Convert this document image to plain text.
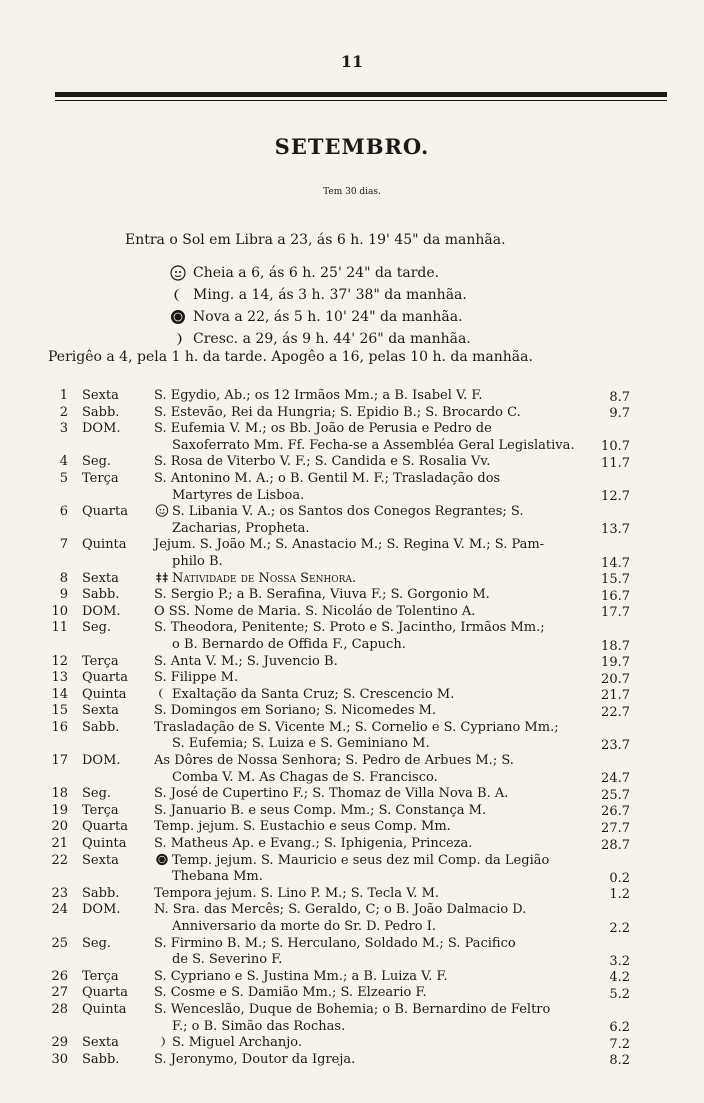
11
SETEMBRO.
Tem 30 dias.
Entra o Sol em Libra a 23, ás 6 h. 19' 45" da manhãa.
Cheia a 6, ás 6 h. 25' 24" da tarde.
Ming. a 14, ás 3 h. 37' 38" da manhãa.
Nova a 22, ás 5 h. 10' 24" da manhãa.
Cresc. a 29, ás 9 h. 44' 26" da manhãa.
Perigêo a 4, pela 1 h. da tarde. Apogêo a 16, pelas 10 h. da manhãa.
1 Sexta	S. Egydio, Ab.; os 12 Irmãos Mm.; a B. Isabel V. F.	8.7
2 Sabb.	S. Estevão, Rei da Hungria; S. Epidio B.; S. Brocardo C.	9.7
3 DOM.	S. Eufemia V. M.; os Bb. João de Perusia e Pedro de
Saxoferrato Mm. Ff. Fecha-se a Assembléa Geral Legislativa.	10.7
4 Seg.	S. Rosa de Viterbo V. F.; S. Candida e S. Rosalia Vv.	11.7
5 Terça	S. Antonino M. A.; o B. Gentil M. F.; Trasladação dos
Martyres de Lisboa.	12.7
6 Quarta	S. Libania V. A.; os Santos dos Conegos Regrantes; S.
Zacharias, Propheta.	13.7
7 Quinta Jejum. S. João M.; S. Anastacio M.; S. Regina V. M.; S. Pam-
philo B.	14.7
8 Sexta	Natividade de Nossa Senhora.	15.7
9 Sabb.	S. Sergio P.; a B. Serafina, Viuva F.; S. Gorgonio M.	16.7
10 DOM.	O SS. Nome de Maria. S. Nicoláo de Tolentino A.	17.7
11 Seg.	S. Theodora, Penitente; S. Proto e S. Jacintho, Irmãos Mm.;
o B. Bernardo de Offida F., Capuch.	18.7
12 Terça	S. Anta V. M.; S. Juvencio B.	19.7
13 Quarta S. Filippe M.	20.7
14 Quinta	Exaltação da Santa Cruz; S. Crescencio M.	21.7
15 Sexta	S. Domingos em Soriano; S. Nicomedes M.	22.7
16 Sabb.	Trasladação de S. Vicente M.; S. Cornelio e S. Cypriano Mm.;
S. Eufemia; S. Luiza e S. Geminiano M.	23.7
17 DOM.	As Dôres de Nossa Senhora; S. Pedro de Arbues M.; S.
Comba V. M. As Chagas de S. Francisco.	24.7
18 Seg.	S. José de Cupertino F.; S. Thomaz de Villa Nova B. A.	25.7
19 Terça	S. Januario B. e seus Comp. Mm.; S. Constança M.	26.7
20 Quarta Temp. jejum. S. Eustachio e seus Comp. Mm.	27.7
21 Quinta S. Matheus Ap. e Evang.; S. Iphigenia, Princeza.	28.7
22 Sexta	Temp. jejum. S. Mauricio e seus dez mil Comp. da Legião
Thebana Mm.	0.2
23 Sabb.	Tempora jejum. S. Lino P. M.; S. Tecla V. M.	1.2
24 DOM.	N. Sra. das Mercês; S. Geraldo, C; o B. João Dalmacio D.
Anniversario da morte do Sr. D. Pedro I.	2.2
25 Seg.	S. Firmino B. M.; S. Herculano, Soldado M.; S. Pacifico
de S. Severino F.	3.2
26 Terça	S. Cypriano e S. Justina Mm.; a B. Luiza V. F.	4.2
27 Quarta S. Cosme e S. Damião Mm.; S. Elzeario F.	5.2
28 Quinta S. Wenceslão, Duque de Bohemia; o B. Bernardino de Feltro
F.; o B. Simão das Rochas.	6.2
29 Sexta	S. Miguel Archanjo.	7.2
30 Sabb.	S. Jeronymo, Doutor da Igreja.	8.2
